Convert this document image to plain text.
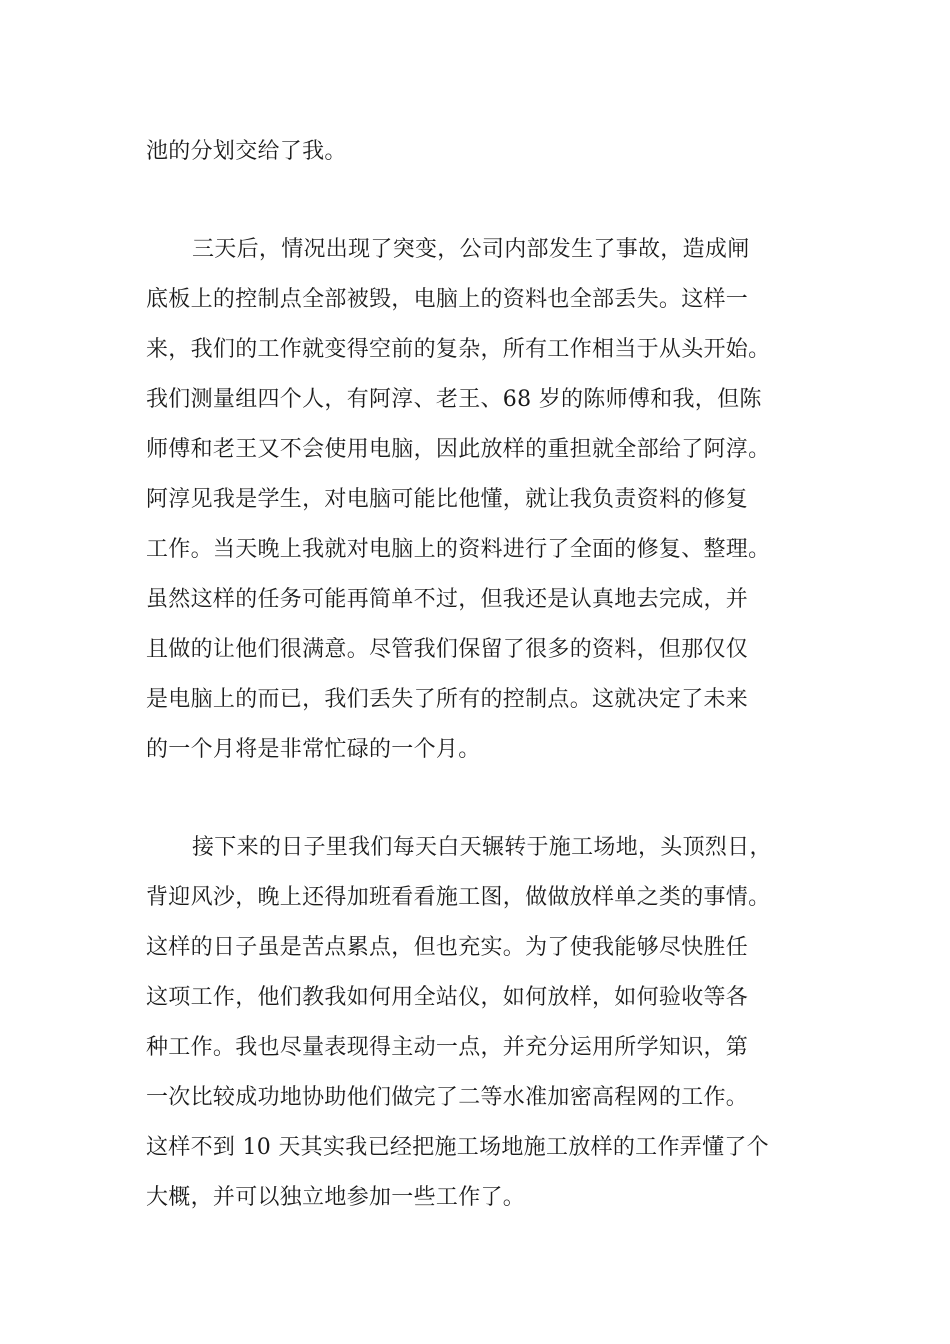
池的分划交给了我。

三天后，情况出现了突变，公司内部发生了事故，造成闸
底板上的控制点全部被毁，电脑上的资料也全部丢失。这样一
来，我们的工作就变得空前的复杂，所有工作相当于从头开始。
我们测量组四个人，有阿淳、老王、68 岁的陈师傅和我，但陈
师傅和老王又不会使用电脑，因此放样的重担就全部给了阿淳。
阿淳见我是学生，对电脑可能比他懂，就让我负责资料的修复
工作。当天晚上我就对电脑上的资料进行了全面的修复、整理。
虽然这样的任务可能再简单不过，但我还是认真地去完成，并
且做的让他们很满意。尽管我们保留了很多的资料，但那仅仅
是电脑上的而已，我们丢失了所有的控制点。这就决定了未来
的一个月将是非常忙碌的一个月。

接下来的日子里我们每天白天辗转于施工场地，头顶烈日，
背迎风沙，晚上还得加班看看施工图，做做放样单之类的事情。
这样的日子虽是苦点累点，但也充实。为了使我能够尽快胜任
这项工作，他们教我如何用全站仪，如何放样，如何验收等各
种工作。我也尽量表现得主动一点，并充分运用所学知识，第
一次比较成功地协助他们做完了二等水准加密高程网的工作。
这样不到 10 天其实我已经把施工场地施工放样的工作弄懂了个
大概，并可以独立地参加一些工作了。
